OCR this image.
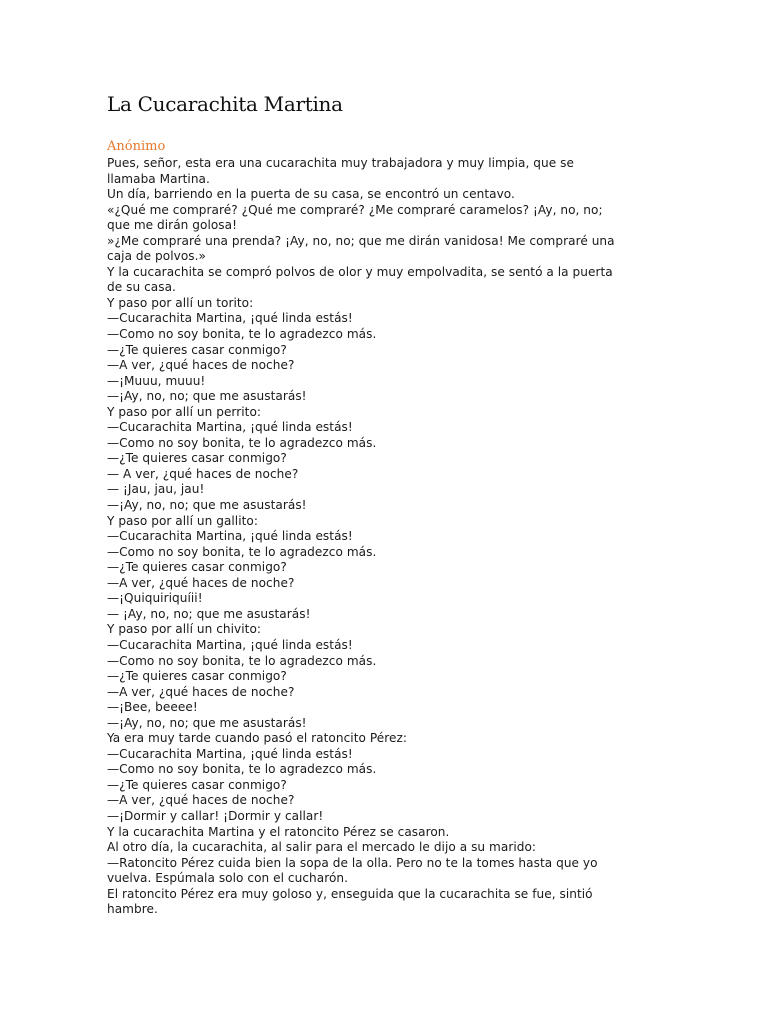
La Cucarachita Martina
Anónimo
Pues, señor, esta era una cucarachita muy trabajadora y muy limpia, que se
llamaba Martina.
Un día, barriendo en la puerta de su casa, se encontró un centavo.
«¿Qué me compraré? ¿Qué me compraré? ¿Me compraré caramelos? ¡Ay, no, no;
que me dirán golosa!
»¿Me compraré una prenda? ¡Ay, no, no; que me dirán vanidosa! Me compraré una
caja de polvos.»
Y la cucarachita se compró polvos de olor y muy empolvadita, se sentó a la puerta
de su casa.
Y paso por allí un torito:
—Cucarachita Martina, ¡qué linda estás!
—Como no soy bonita, te lo agradezco más.
—¿Te quieres casar conmigo?
—A ver, ¿qué haces de noche?
—¡Muuu, muuu!
—¡Ay, no, no; que me asustarás!
Y paso por allí un perrito:
—Cucarachita Martina, ¡qué linda estás!
—Como no soy bonita, te lo agradezco más.
—¿Te quieres casar conmigo?
— A ver, ¿qué haces de noche?
— ¡Jau, jau, jau!
—¡Ay, no, no; que me asustarás!
Y paso por allí un gallito:
—Cucarachita Martina, ¡qué linda estás!
—Como no soy bonita, te lo agradezco más.
—¿Te quieres casar conmigo?
—A ver, ¿qué haces de noche?
—¡Quiquiriquíii!
— ¡Ay, no, no; que me asustarás!
Y paso por allí un chivito:
—Cucarachita Martina, ¡qué linda estás!
—Como no soy bonita, te lo agradezco más.
—¿Te quieres casar conmigo?
—A ver, ¿qué haces de noche?
—¡Bee, beeee!
—¡Ay, no, no; que me asustarás!
Ya era muy tarde cuando pasó el ratoncito Pérez:
—Cucarachita Martina, ¡qué linda estás!
—Como no soy bonita, te lo agradezco más.
—¿Te quieres casar conmigo?
—A ver, ¿qué haces de noche?
—¡Dormir y callar! ¡Dormir y callar!
Y la cucarachita Martina y el ratoncito Pérez se casaron.
Al otro día, la cucarachita, al salir para el mercado le dijo a su marido:
—Ratoncito Pérez cuida bien la sopa de la olla. Pero no te la tomes hasta que yo
vuelva. Espúmala solo con el cucharón.
El ratoncito Pérez era muy goloso y, enseguida que la cucarachita se fue, sintió
hambre.
